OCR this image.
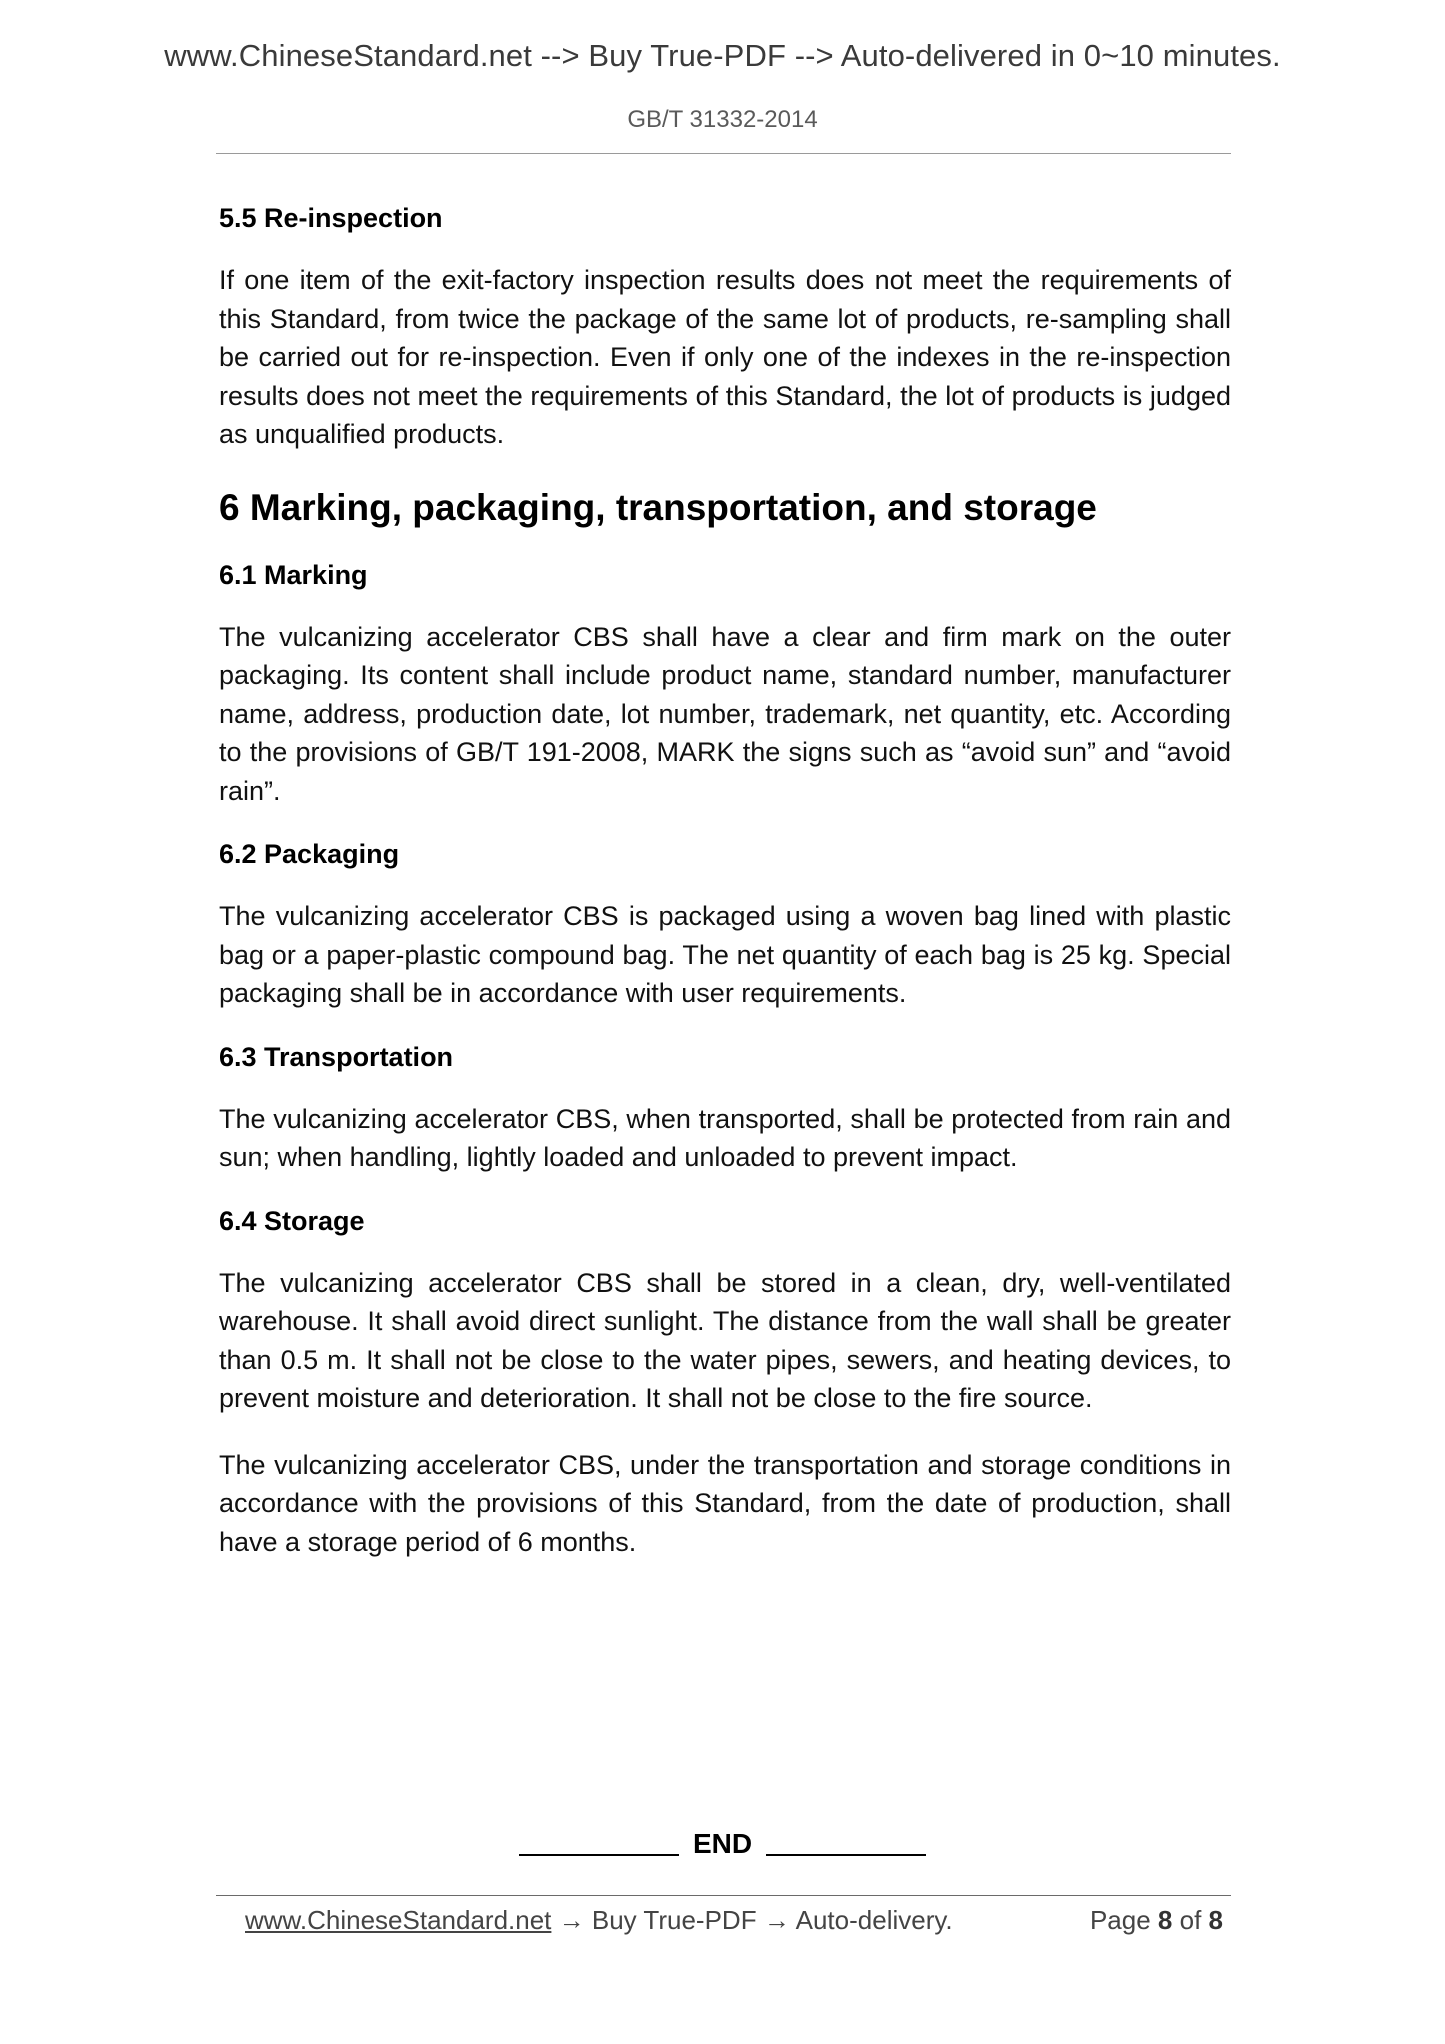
www.ChineseStandard.net --> Buy True-PDF --> Auto-delivered in 0~10 minutes.
GB/T 31332-2014
5.5 Re-inspection

If one item of the exit-factory inspection results does not meet the requirements of this Standard, from twice the package of the same lot of products, re-sampling shall be carried out for re-inspection. Even if only one of the indexes in the re-inspection results does not meet the requirements of this Standard, the lot of products is judged as unqualified products.

6 Marking, packaging, transportation, and storage
6.1 Marking

The vulcanizing accelerator CBS shall have a clear and firm mark on the outer packaging. Its content shall include product name, standard number, manufacturer name, address, production date, lot number, trademark, net quantity, etc. According to the provisions of GB/T 191-2008, MARK the signs such as “avoid sun” and “avoid rain”.

6.2 Packaging

The vulcanizing accelerator CBS is packaged using a woven bag lined with plastic bag or a paper-plastic compound bag. The net quantity of each bag is 25 kg. Special packaging shall be in accordance with user requirements.

6.3 Transportation

The vulcanizing accelerator CBS, when transported, shall be protected from rain and sun; when handling, lightly loaded and unloaded to prevent impact.

6.4 Storage

The vulcanizing accelerator CBS shall be stored in a clean, dry, well-ventilated warehouse. It shall avoid direct sunlight. The distance from the wall shall be greater than 0.5 m. It shall not be close to the water pipes, sewers, and heating devices, to prevent moisture and deterioration. It shall not be close to the fire source.

The vulcanizing accelerator CBS, under the transportation and storage conditions in accordance with the provisions of this Standard, from the date of production, shall have a storage period of 6 months.

END
www.ChineseStandard.net → Buy True-PDF → Auto-delivery.	Page 8 of 8
